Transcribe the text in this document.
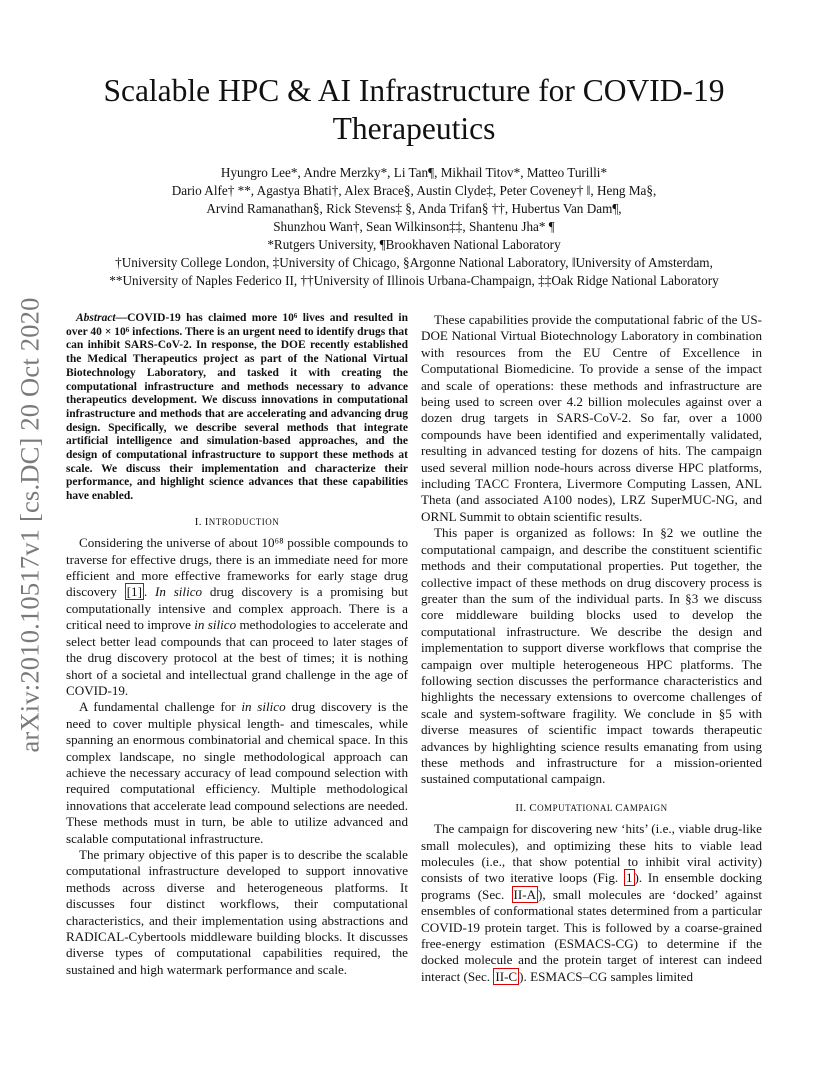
arXiv:2010.10517v1 [cs.DC] 20 Oct 2020
Scalable HPC & AI Infrastructure for COVID-19
Therapeutics
Hyungro Lee*, Andre Merzky*, Li Tan¶, Mikhail Titov*, Matteo Turilli*
Dario Alfe† **, Agastya Bhati†, Alex Brace§, Austin Clyde‡, Peter Coveney† ‖, Heng Ma§,
Arvind Ramanathan§, Rick Stevens‡ §, Anda Trifan§ ††, Hubertus Van Dam¶,
Shunzhou Wan†, Sean Wilkinson‡‡, Shantenu Jha* ¶
*Rutgers University, ¶Brookhaven National Laboratory
†University College London, ‡University of Chicago, §Argonne National Laboratory, ‖University of Amsterdam,
**University of Naples Federico II, ††University of Illinois Urbana-Champaign, ‡‡Oak Ridge National Laboratory

Abstract—COVID-19 has claimed more 10⁶ lives and resulted in over 40 × 10⁶ infections. There is an urgent need to identify drugs that can inhibit SARS-CoV-2. In response, the DOE recently established the Medical Therapeutics project as part of the National Virtual Biotechnology Laboratory, and tasked it with creating the computational infrastructure and methods necessary to advance therapeutics development. We discuss innovations in computational infrastructure and methods that are accelerating and advancing drug design. Specifically, we describe several methods that integrate artificial intelligence and simulation-based approaches, and the design of computational infrastructure to support these methods at scale. We discuss their implementation and characterize their performance, and highlight science advances that these capabilities have enabled.

I. INTRODUCTION

Considering the universe of about 10⁶⁸ possible compounds to traverse for effective drugs, there is an immediate need for more efficient and more effective frameworks for early stage drug discovery [1] . In silico drug discovery is a promising but computationally intensive and complex approach. There is a critical need to improve in silico methodologies to accelerate and select better lead compounds that can proceed to later stages of the drug discovery protocol at the best of times; it is nothing short of a societal and intellectual grand challenge in the age of COVID-19.

A fundamental challenge for in silico drug discovery is the need to cover multiple physical length- and timescales, while spanning an enormous combinatorial and chemical space. In this complex landscape, no single methodological approach can achieve the necessary accuracy of lead compound selection with required computational efficiency. Multiple methodological innovations that accelerate lead compound selections are needed. These methods must in turn, be able to utilize advanced and scalable computational infrastructure.

The primary objective of this paper is to describe the scalable computational infrastructure developed to support innovative methods across diverse and heterogeneous platforms. It discusses four distinct workflows, their computational characteristics, and their implementation using abstractions and RADICAL-Cybertools middleware building blocks. It discusses diverse types of computational capabilities required, the sustained and high watermark performance and scale.

These capabilities provide the computational fabric of the US-DOE National Virtual Biotechnology Laboratory in combination with resources from the EU Centre of Excellence in Computational Biomedicine. To provide a sense of the impact and scale of operations: these methods and infrastructure are being used to screen over 4.2 billion molecules against over a dozen drug targets in SARS-CoV-2. So far, over a 1000 compounds have been identified and experimentally validated, resulting in advanced testing for dozens of hits. The campaign used several million node-hours across diverse HPC platforms, including TACC Frontera, Livermore Computing Lassen, ANL Theta (and associated A100 nodes), LRZ SuperMUC-NG, and ORNL Summit to obtain scientific results.

This paper is organized as follows: In §2 we outline the computational campaign, and describe the constituent scientific methods and their computational properties. Put together, the collective impact of these methods on drug discovery process is greater than the sum of the individual parts. In §3 we discuss core middleware building blocks used to develop the computational infrastructure. We describe the design and implementation to support diverse workflows that comprise the campaign over multiple heterogeneous HPC platforms. The following section discusses the performance characteristics and highlights the necessary extensions to overcome challenges of scale and system-software fragility. We conclude in §5 with diverse measures of scientific impact towards therapeutic advances by highlighting science results emanating from using these methods and infrastructure for a mission-oriented sustained computational campaign.

II. COMPUTATIONAL CAMPAIGN

The campaign for discovering new ‘hits’ (i.e., viable drug-like small molecules), and optimizing these hits to viable lead molecules (i.e., that show potential to inhibit viral activity) consists of two iterative loops (Fig. 1 ). In ensemble docking programs (Sec. II-A ), small molecules are ‘docked’ against ensembles of conformational states determined from a particular COVID-19 protein target. This is followed by a coarse-grained free-energy estimation (ESMACS-CG) to determine if the docked molecule and the protein target of interest can indeed interact (Sec. II-C ). ESMACS–CG samples limited
